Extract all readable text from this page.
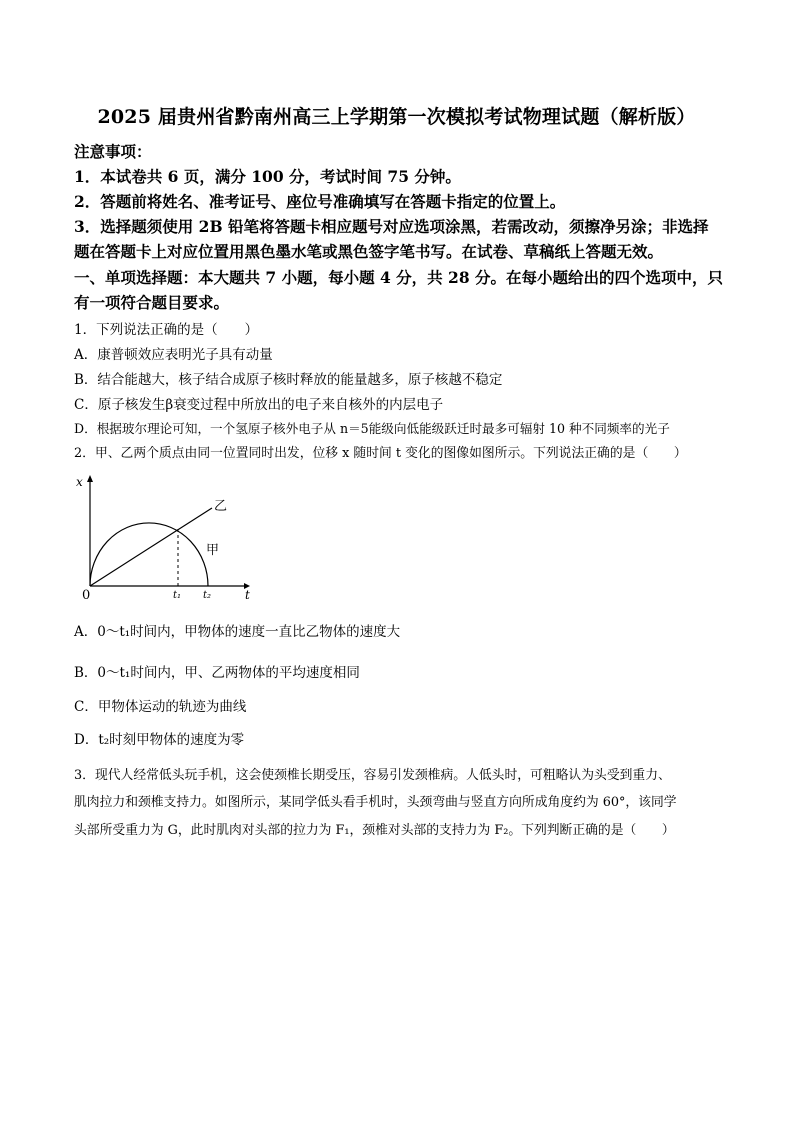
2025 届贵州省黔南州高三上学期第一次模拟考试物理试题（解析版）
注意事项：
1．本试卷共 6 页，满分 100 分，考试时间 75 分钟。
2．答题前将姓名、准考证号、座位号准确填写在答题卡指定的位置上。
3．选择题须使用 2B 铅笔将答题卡相应题号对应选项涂黑，若需改动，须擦净另涂；非选择
题在答题卡上对应位置用黑色墨水笔或黑色签字笔书写。在试卷、草稿纸上答题无效。
一、单项选择题：本大题共 7 小题，每小题 4 分，共 28 分。在每小题给出的四个选项中，只
有一项符合题目要求。
1．下列说法正确的是（　　）
A．康普顿效应表明光子具有动量
B．结合能越大，核子结合成原子核时释放的能量越多，原子核越不稳定
C．原子核发生β衰变过程中所放出的电子来自核外的内层电子
D．根据玻尔理论可知，一个氢原子核外电子从 n＝5能级向低能级跃迁时最多可辐射 10 种不同频率的光子
2．甲、乙两个质点由同一位置同时出发，位移 x 随时间 t 变化的图像如图所示。下列说法正确的是（　　）
x
t
0	t₁ t₂
乙
甲
A．0～t₁时间内，甲物体的速度一直比乙物体的速度大
B．0～t₁时间内，甲、乙两物体的平均速度相同
C．甲物体运动的轨迹为曲线
D．t₂时刻甲物体的速度为零
3．现代人经常低头玩手机，这会使颈椎长期受压，容易引发颈椎病。人低头时，可粗略认为头受到重力、
肌肉拉力和颈椎支持力。如图所示，某同学低头看手机时，头颈弯曲与竖直方向所成角度约为 60°，该同学
头部所受重力为 G，此时肌肉对头部的拉力为 F₁，颈椎对头部的支持力为 F₂。下列判断正确的是（　　）
